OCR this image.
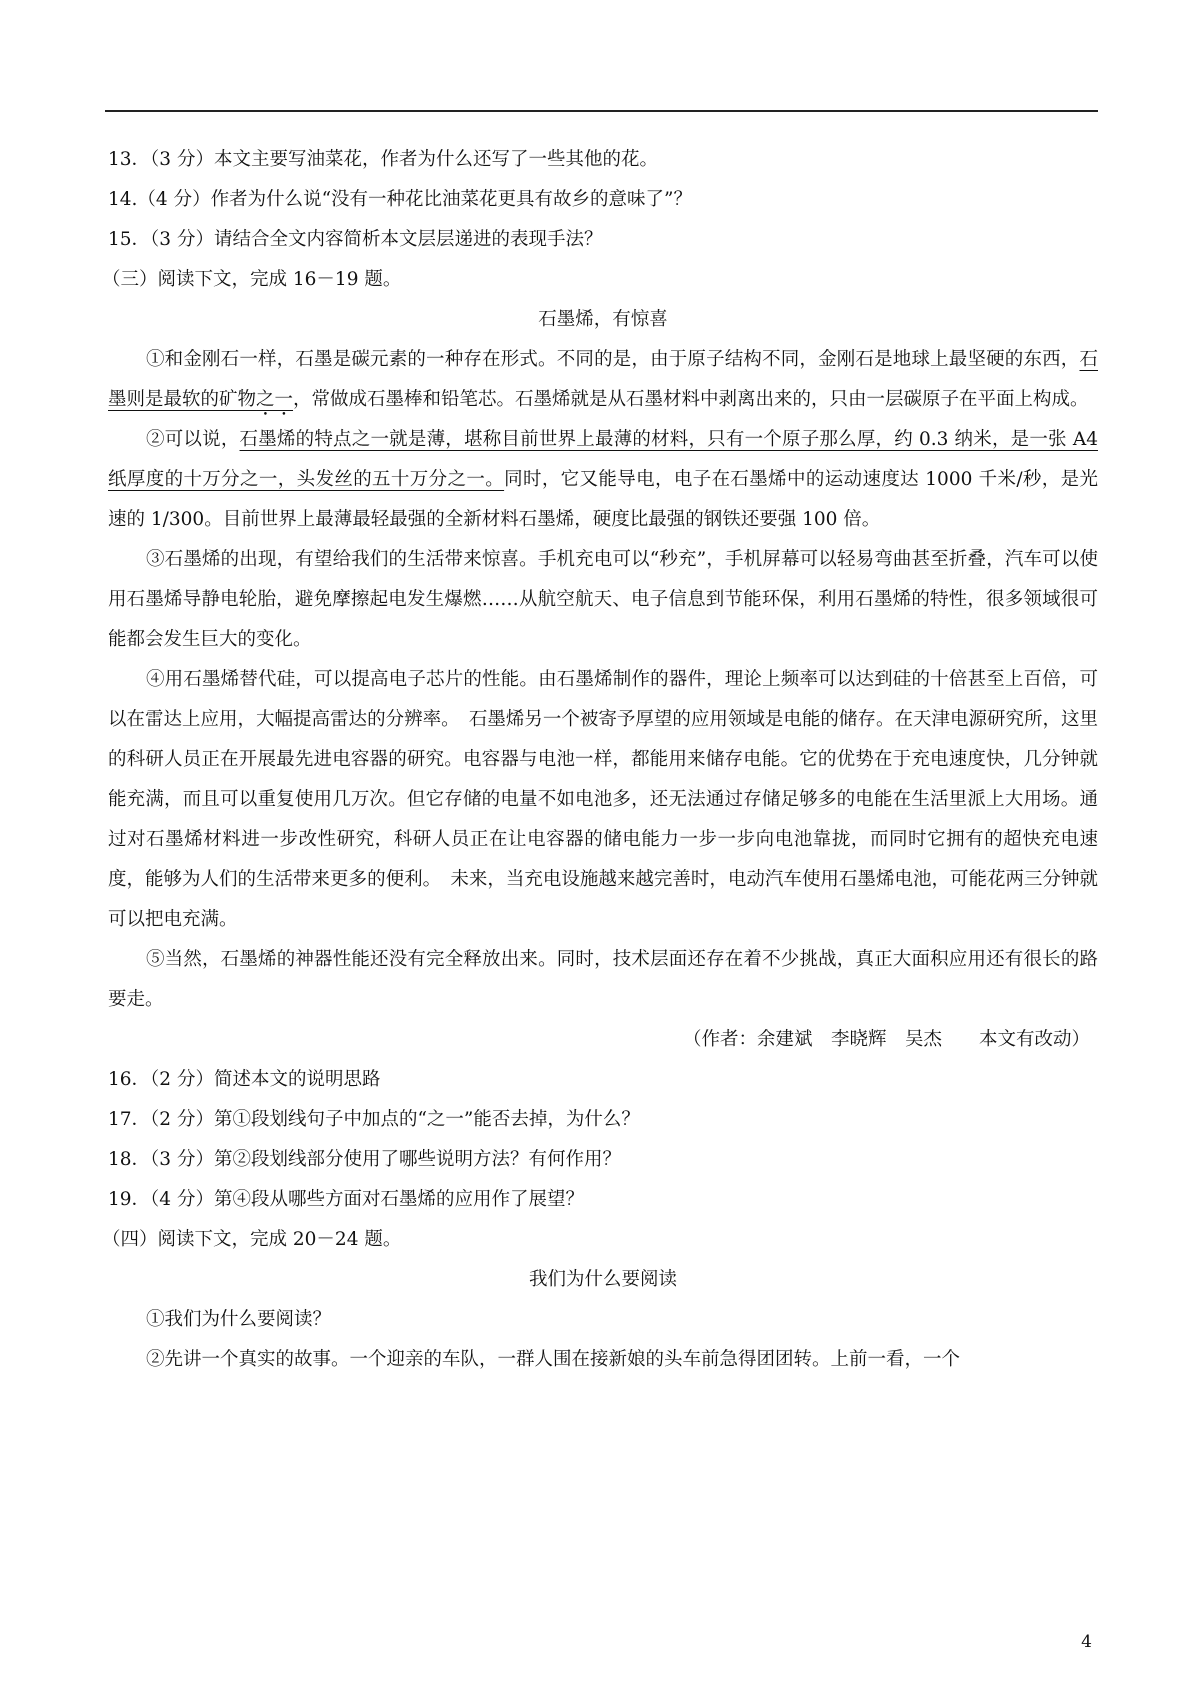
13．（3 分）本文主要写油菜花，作者为什么还写了一些其他的花。
14.（4 分）作者为什么说“没有一种花比油菜花更具有故乡的意味了”？
15．（3 分）请结合全文内容简析本文层层递进的表现手法？
（三）阅读下文，完成 16－19 题。
石墨烯，有惊喜
①和金刚石一样，石墨是碳元素的一种存在形式。不同的是，由于原子结构不同，金刚石是地球上最坚硬的东西，石墨则是最软的矿物之一，常做成石墨棒和铅笔芯。石墨烯就是从石墨材料中剥离出来的，只由一层碳原子在平面上构成。
②可以说，石墨烯的特点之一就是薄，堪称目前世界上最薄的材料，只有一个原子那么厚，约 0.3 纳米，是一张 A4 纸厚度的十万分之一，头发丝的五十万分之一。同时，它又能导电，电子在石墨烯中的运动速度达 1000 千米/秒，是光速的 1/300。目前世界上最薄最轻最强的全新材料石墨烯，硬度比最强的钢铁还要强 100 倍。
③石墨烯的出现，有望给我们的生活带来惊喜。手机充电可以“秒充”，手机屏幕可以轻易弯曲甚至折叠，汽车可以使用石墨烯导静电轮胎，避免摩擦起电发生爆燃……从航空航天、电子信息到节能环保，利用石墨烯的特性，很多领域很可能都会发生巨大的变化。
④用石墨烯替代硅，可以提高电子芯片的性能。由石墨烯制作的器件，理论上频率可以达到硅的十倍甚至上百倍，可以在雷达上应用，大幅提高雷达的分辨率。　石墨烯另一个被寄予厚望的应用领域是电能的储存。在天津电源研究所，这里的科研人员正在开展最先进电容器的研究。电容器与电池一样，都能用来储存电能。它的优势在于充电速度快，几分钟就能充满，而且可以重复使用几万次。但它存储的电量不如电池多，还无法通过存储足够多的电能在生活里派上大用场。通过对石墨烯材料进一步改性研究，科研人员正在让电容器的储电能力一步一步向电池靠拢，而同时它拥有的超快充电速度，能够为人们的生活带来更多的便利。　未来，当充电设施越来越完善时，电动汽车使用石墨烯电池，可能花两三分钟就可以把电充满。
⑤当然，石墨烯的神器性能还没有完全释放出来。同时，技术层面还存在着不少挑战，真正大面积应用还有很长的路要走。
（作者：余建斌　李晓辉　吴杰　　本文有改动）
16．（2 分）简述本文的说明思路
17．（2 分）第①段划线句子中加点的“之一”能否去掉，为什么？
18．（3 分）第②段划线部分使用了哪些说明方法？有何作用？
19．（4 分）第④段从哪些方面对石墨烯的应用作了展望？
（四）阅读下文，完成 20－24 题。
我们为什么要阅读
①我们为什么要阅读？
②先讲一个真实的故事。一个迎亲的车队，一群人围在接新娘的头车前急得团团转。上前一看，一个
4
